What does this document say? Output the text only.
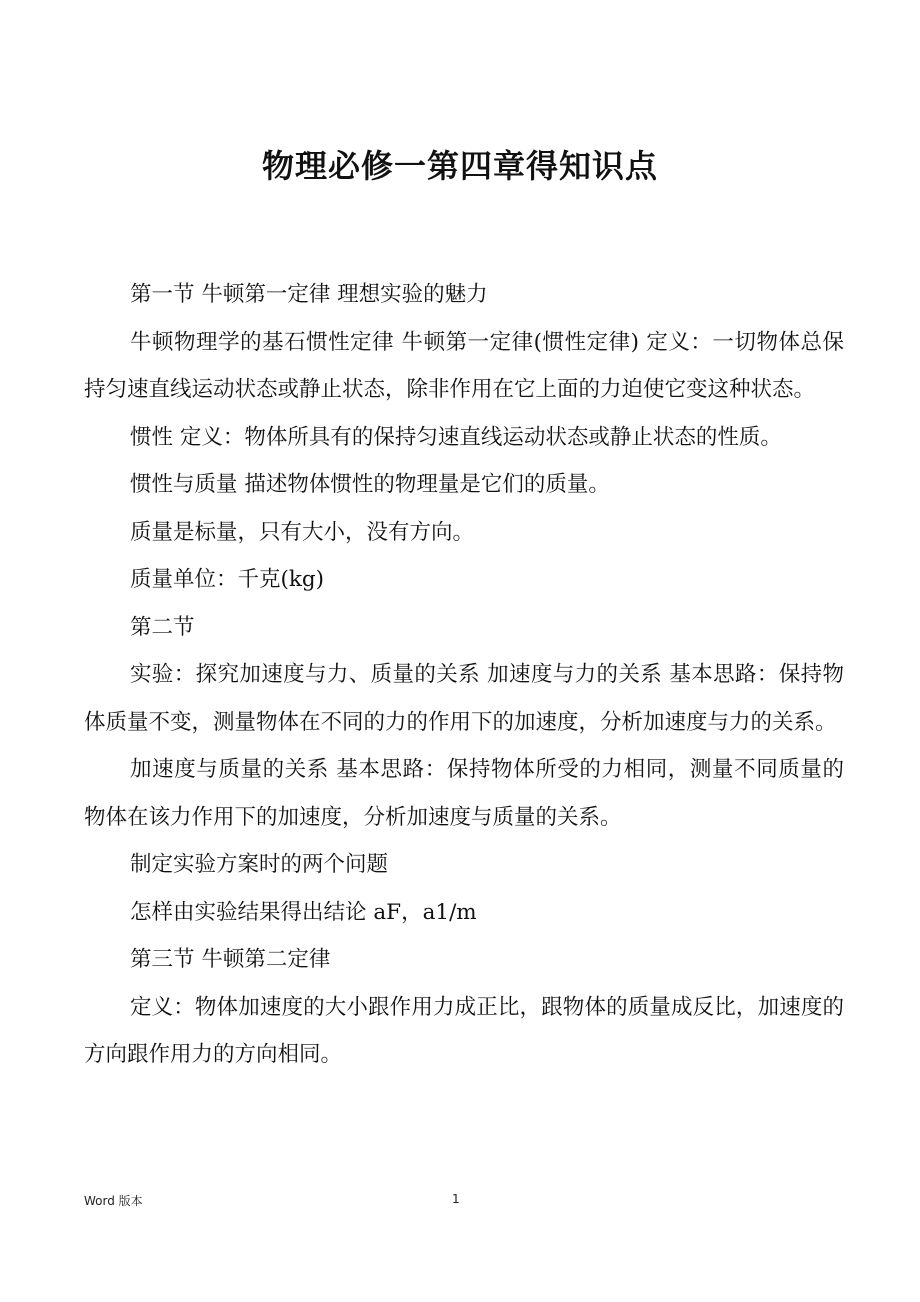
物理必修一第四章得知识点

第一节 牛顿第一定律 理想实验的魅力

牛顿物理学的基石惯性定律 牛顿第一定律(惯性定律) 定义：一切物体总保持匀速直线运动状态或静止状态，除非作用在它上面的力迫使它变这种状态。

惯性 定义：物体所具有的保持匀速直线运动状态或静止状态的性质。

惯性与质量 描述物体惯性的物理量是它们的质量。

质量是标量，只有大小，没有方向。

质量单位：千克(kg)

第二节

实验：探究加速度与力、质量的关系 加速度与力的关系 基本思路：保持物体质量不变，测量物体在不同的力的作用下的加速度，分析加速度与力的关系。

加速度与质量的关系 基本思路：保持物体所受的力相同，测量不同质量的物体在该力作用下的加速度，分析加速度与质量的关系。

制定实验方案时的两个问题

怎样由实验结果得出结论 aF，a1/m

第三节 牛顿第二定律

定义：物体加速度的大小跟作用力成正比，跟物体的质量成反比，加速度的方向跟作用力的方向相同。

Word 版本	1
